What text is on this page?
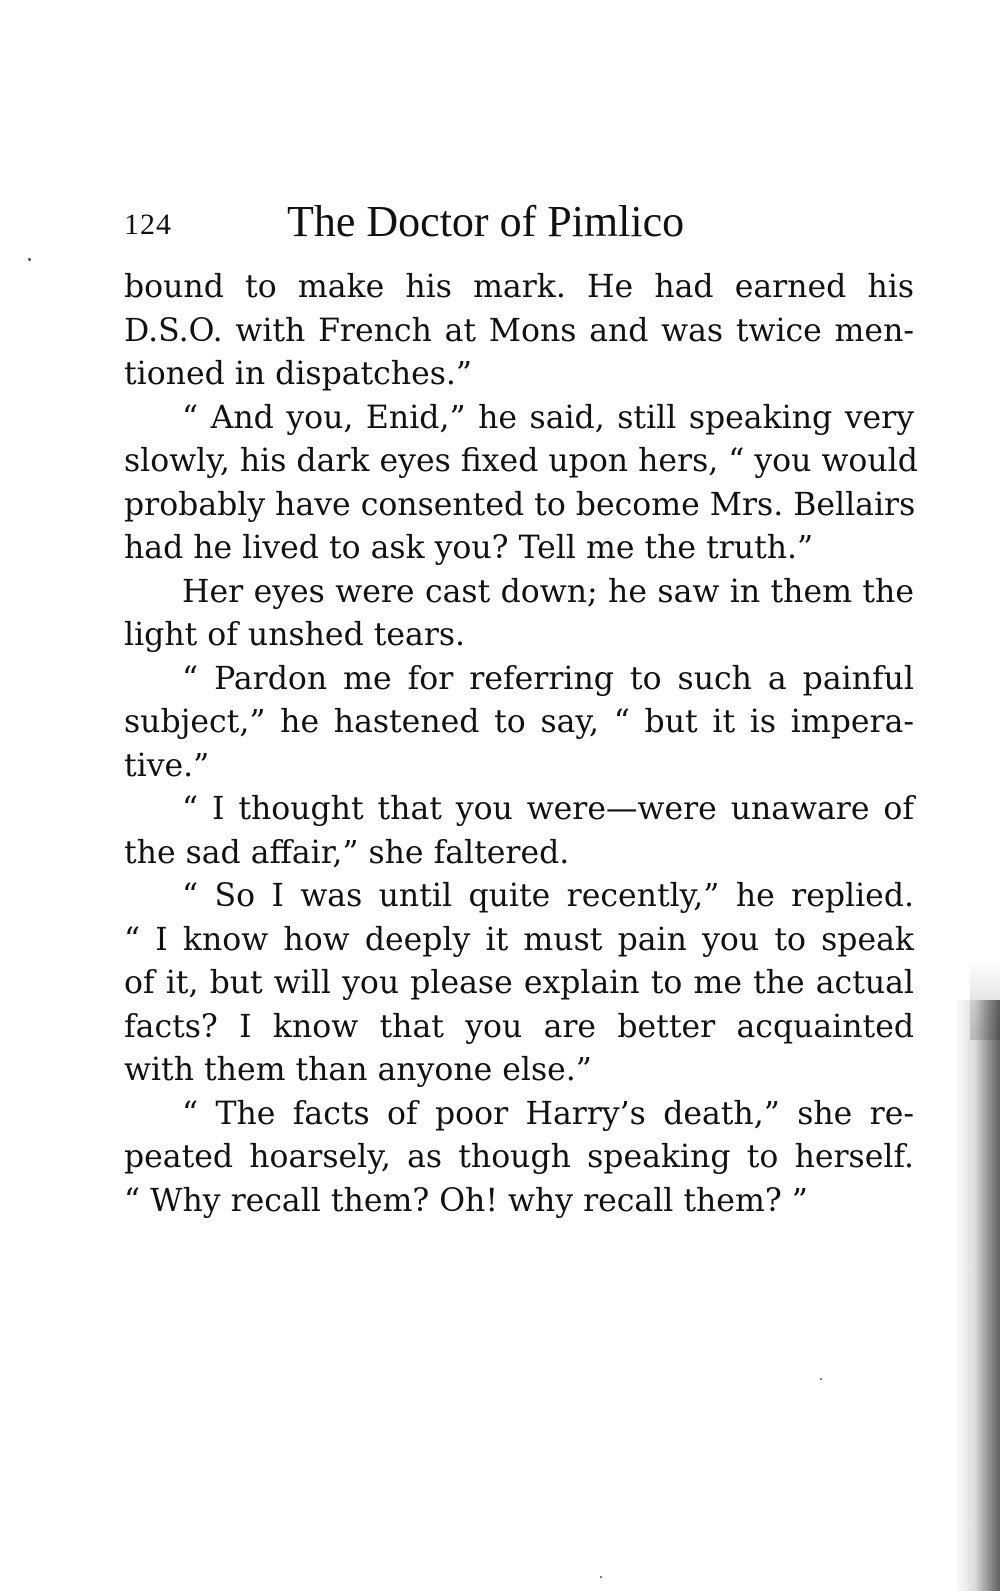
124	The Doctor of Pimlico
bound to make his mark. He had earned his
D.S.O. with French at Mons and was twice men-
tioned in dispatches.”
“ And you, Enid,” he said, still speaking very
slowly, his dark eyes fixed upon hers, “ you would
probably have consented to become Mrs. Bellairs
had he lived to ask you? Tell me the truth.”
Her eyes were cast down; he saw in them the
light of unshed tears.
“ Pardon me for referring to such a painful
subject,” he hastened to say, “ but it is impera-
tive.”
“ I thought that you were—were unaware of
the sad affair,” she faltered.
“ So I was until quite recently,” he replied.
“ I know how deeply it must pain you to speak
of it, but will you please explain to me the actual
facts? I know that you are better acquainted
with them than anyone else.”
“ The facts of poor Harry’s death,” she re-
peated hoarsely, as though speaking to herself.
“ Why recall them? Oh! why recall them? ”
